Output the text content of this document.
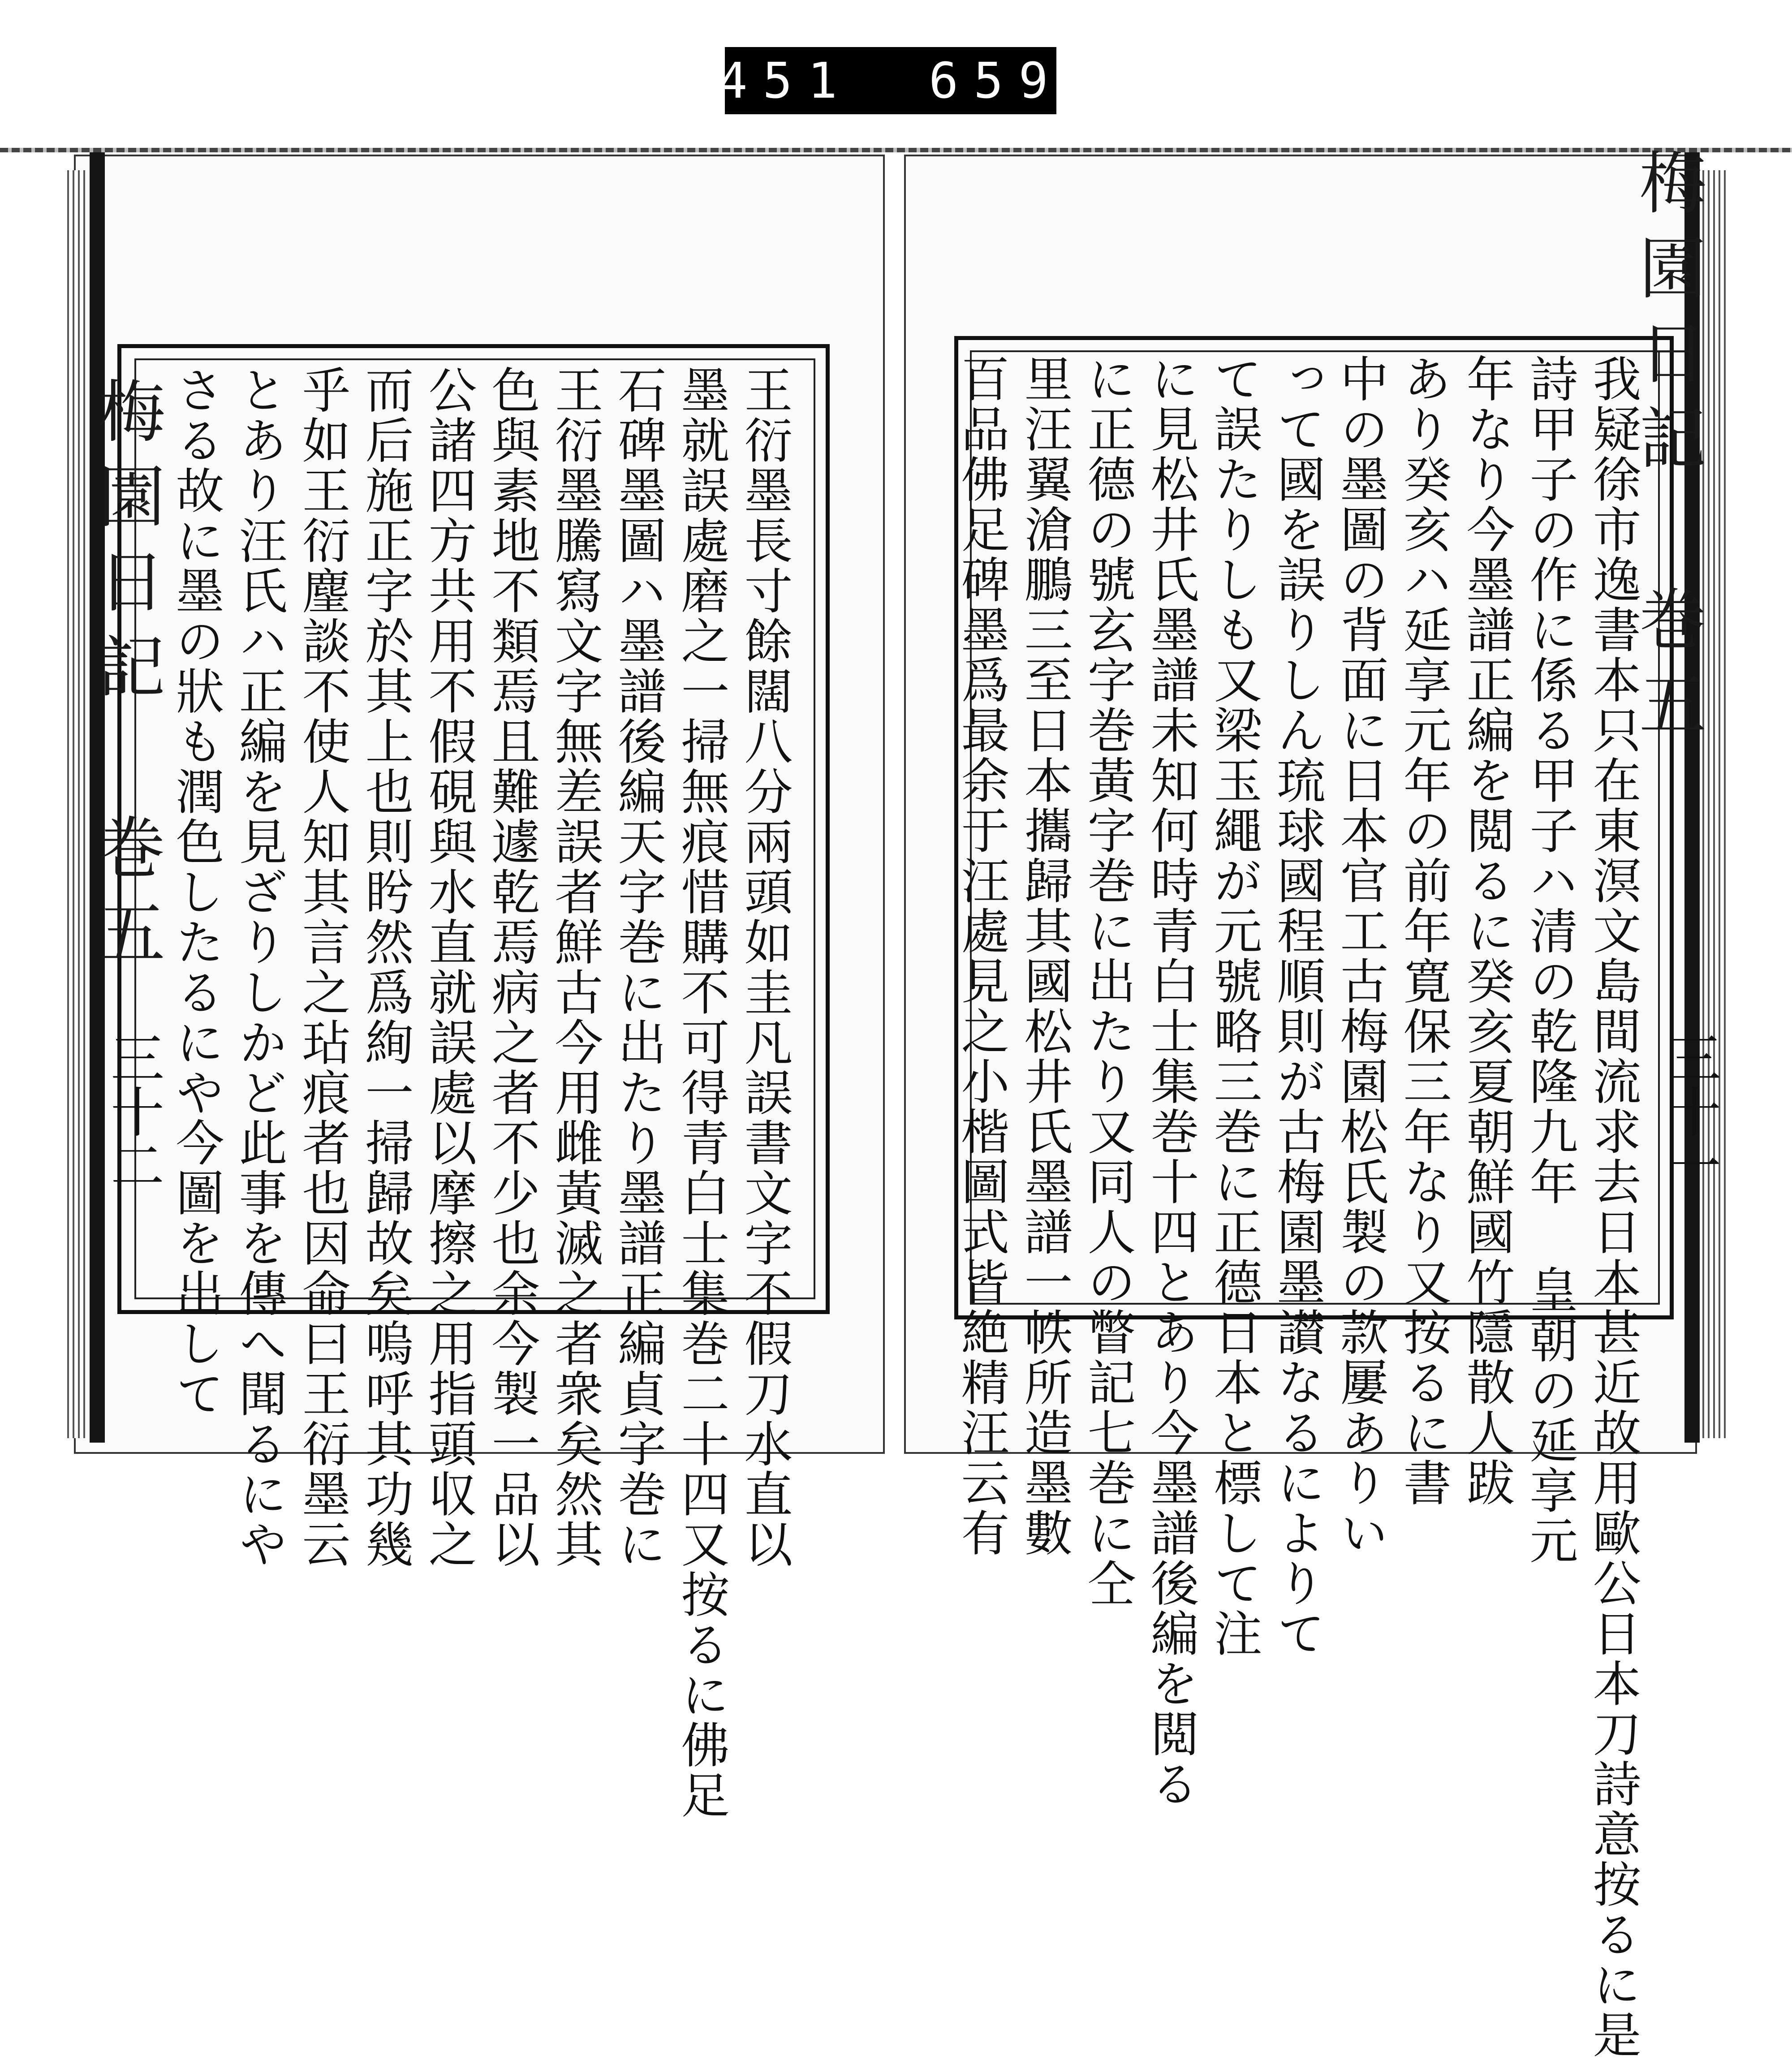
451 659
梅園日記 巻五	梅園日記 巻五
三十二	三十一
王衍墨長寸餘闊八分兩頭如圭凡誤書文字不假刀水直以
墨就誤處磨之一掃無痕惜購不可得青白士集巻二十四又按るに佛足
石碑墨圖ハ墨譜後編天字巻に出たり墨譜正編貞字巻に
王衍墨騰寫文字無差誤者鮮古今用雌黃滅之者衆矣然其
色與素地不類焉且難遽乾焉病之者不少也余今製一品以
公諸四方共用不假硯與水直就誤處以摩擦之用指頭収之
而后施正字於其上也則盻然爲絢一掃歸故矣嗚呼其功幾
乎如王衍麈談不使人知其言之玷痕者也因命曰王衍墨云
とあり汪氏ハ正編を見ざりしかど此事を傳へ聞るにや
さる故に墨の狀も潤色したるにや今圖を出して	我疑徐市逸書本只在東溟文島間流求去日本甚近故用歐公日本刀詩意按るに是
詩甲子の作に係る甲子ハ清の乾隆九年 皇朝の延享元
年なり今墨譜正編を閲るに癸亥夏朝鮮國竹隱散人跋
あり癸亥ハ延享元年の前年寛保三年なり又按るに書
中の墨圖の背面に日本官工古梅園松氏製の款屢ありい
って國を誤りしん琉球國程順則が古梅園墨讃なるによりて
て誤たりしも又梁玉繩が元號略三巻に正德日本と標して注
に見松井氏墨譜未知何時青白士集巻十四とあり今墨譜後編を閲る
に正德の號玄字巻黃字巻に出たり又同人の瞥記七巻に仝
里汪翼滄鵬三至日本攜歸其國松井氏墨譜一帙所造墨數
百品佛足碑墨爲最余于汪處見之小楷圖式皆絶精汪云有
